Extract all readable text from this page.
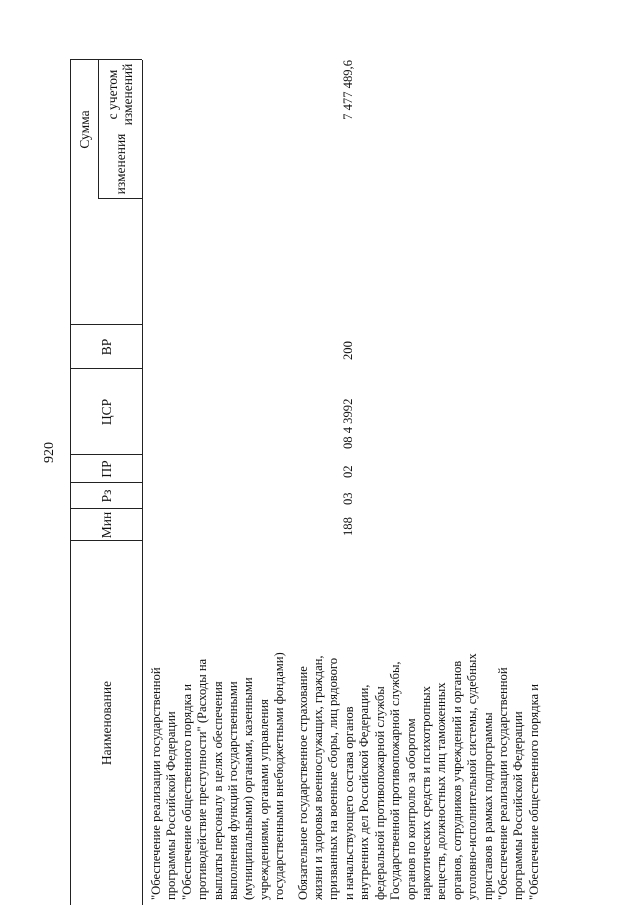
920
Наименование
Мин
Рз
ПР
ЦСР
ВР
Сумма
изменения
с учетом изменений

"Обеспечение реализации государственной программы Российской Федерации "Обеспечение общественного порядка и противодействие преступности" (Расходы на выплаты персоналу в целях обеспечения выполнения функций государственными (муниципальными) органами, казенными учреждениями, органами управления государственными внебюджетными фондами) Обязательное государственное страхование жизни и здоровья военнослужащих, граждан, призванных на военные сборы, лиц рядового и начальствующего состава органов внутренних дел Российской Федерации, федеральной противопожарной службы Государственной противопожарной службы, органов по контролю за оборотом наркотических средств и психотропных веществ, должностных лиц таможенных органов, сотрудников учреждений и органов уголовно-исполнительной системы, судебных приставов в рамках подпрограммы "Обеспечение реализации государственной программы Российской Федерации "Обеспечение общественного порядка и

188
03
02
08 4 3992
200
7 477 489,6
